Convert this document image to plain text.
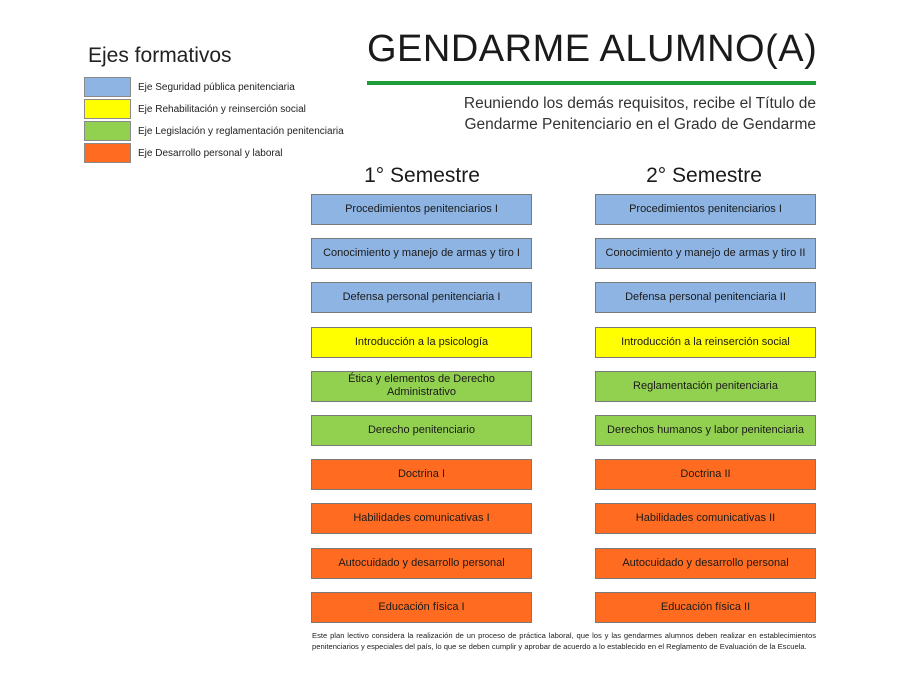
Ejes formativos
Eje Seguridad pública penitenciaria
Eje Rehabilitación y reinserción social
Eje Legislación y reglamentación penitenciaria
Eje Desarrollo personal y laboral
GENDARME ALUMNO(A)
Reuniendo los demás requisitos, recibe el Título de
Gendarme Penitenciario en el Grado de Gendarme
1° Semestre
Procedimientos penitenciarios I
Conocimiento y manejo de armas y tiro I
Defensa personal penitenciaria I
Introducción a la psicología
Ética y elementos de Derecho Administrativo
Derecho penitenciario
Doctrina I
Habilidades comunicativas I
Autocuidado y desarrollo personal
Educación física I
2° Semestre
Procedimientos penitenciarios I
Conocimiento y manejo de armas y tiro II
Defensa personal penitenciaria II
Introducción a la reinserción social
Reglamentación penitenciaria
Derechos humanos y labor penitenciaria
Doctrina II
Habilidades comunicativas II
Autocuidado y desarrollo personal
Educación física II
Este plan lectivo considera la realización de un proceso de práctica laboral, que los y las gendarmes alumnos deben realizar en establecimientos penitenciarios y especiales del país, lo que se deben cumplir y aprobar de acuerdo a lo establecido en el Reglamento de Evaluación de la Escuela.
